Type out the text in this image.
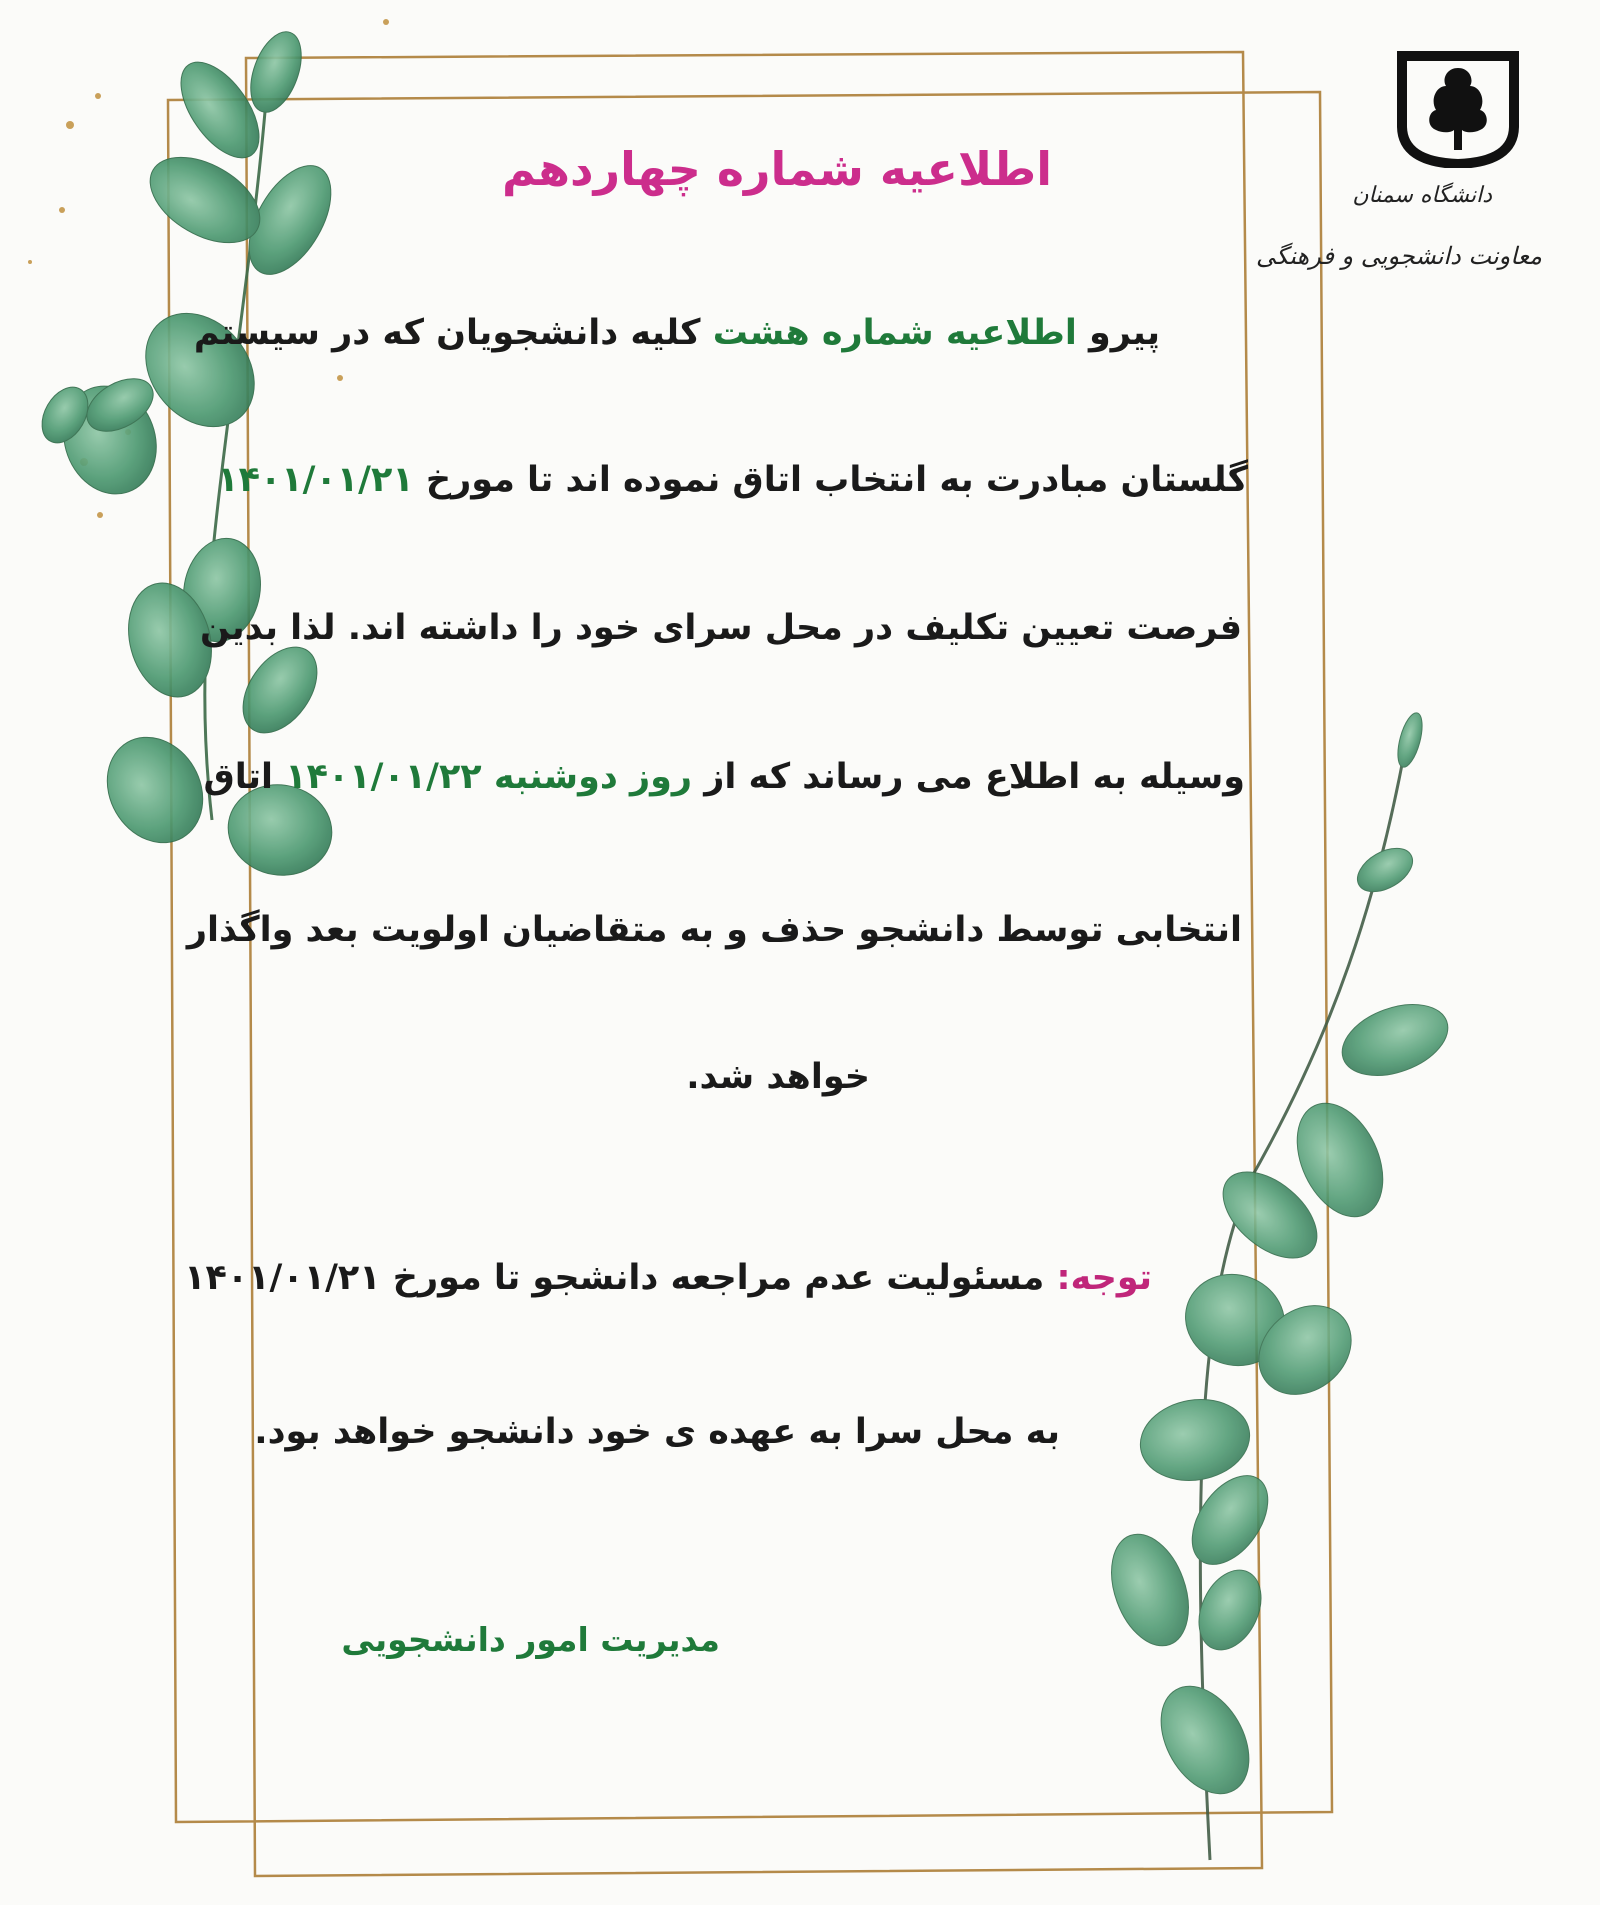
دانشگاه سمنان
معاونت دانشجویی و فرهنگی
اطلاعیه شماره چهاردهم
پیرو اطلاعیه شماره هشت کلیه دانشجویان که در سیستم
گلستان مبادرت به انتخاب اتاق نموده اند تا مورخ ۱۴۰۱/۰۱/۲۱
فرصت تعیین تکلیف در محل سرای خود را داشته اند. لذا بدین
وسیله به اطلاع می رساند که از روز دوشنبه ۱۴۰۱/۰۱/۲۲ اتاق
انتخابی توسط دانشجو حذف و به متقاضیان اولویت بعد واگذار
خواهد شد.
توجه: مسئولیت عدم مراجعه دانشجو تا مورخ ۱۴۰۱/۰۱/۲۱
به محل سرا به عهده ی خود دانشجو خواهد بود.
مدیریت امور دانشجویی
